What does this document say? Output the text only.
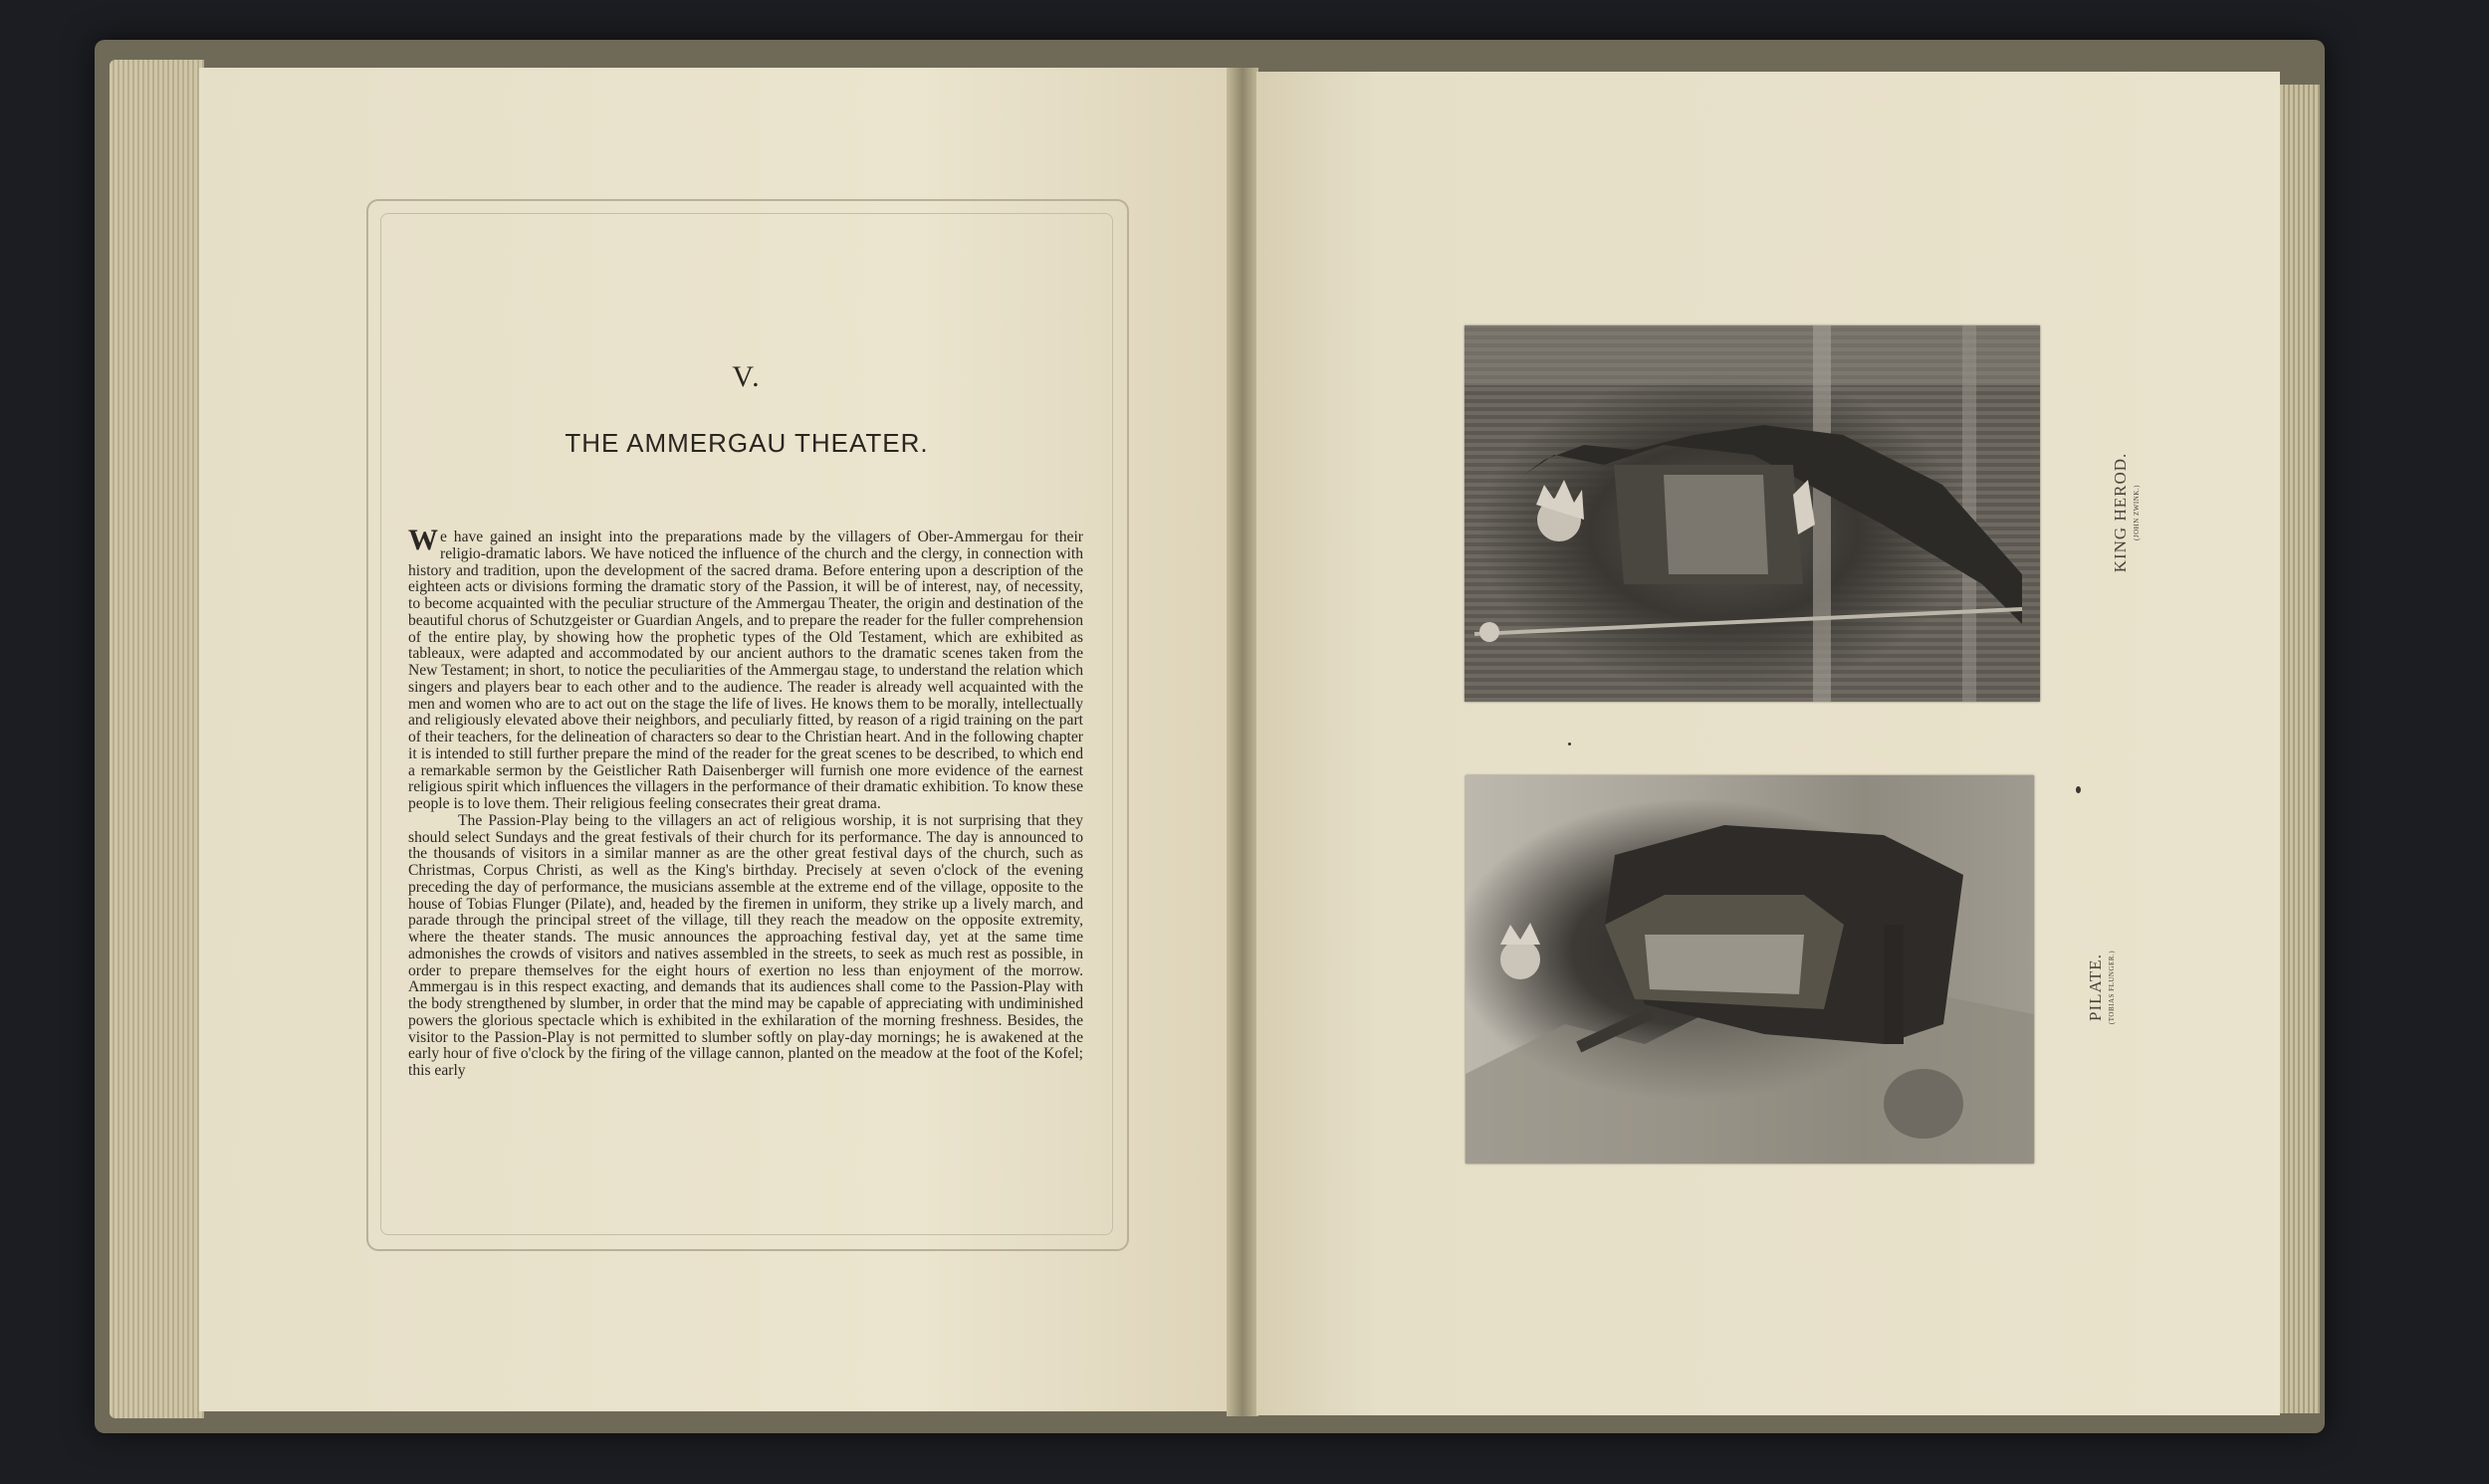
V.
THE AMMERGAU THEATER.

We have gained an insight into the preparations made by the villagers of Ober-Ammergau for their religio-dramatic labors. We have noticed the influence of the church and the clergy, in connection with history and tradition, upon the development of the sacred drama. Before entering upon a description of the eighteen acts or divisions forming the dramatic story of the Passion, it will be of interest, nay, of necessity, to become acquainted with the peculiar structure of the Ammergau Theater, the origin and destination of the beautiful chorus of Schutzgeister or Guardian Angels, and to prepare the reader for the fuller comprehension of the entire play, by showing how the prophetic types of the Old Testament, which are exhibited as tableaux, were adapted and accommodated by our ancient authors to the dramatic scenes taken from the New Testament; in short, to notice the peculiarities of the Ammergau stage, to understand the relation which singers and players bear to each other and to the audience. The reader is already well acquainted with the men and women who are to act out on the stage the life of lives. He knows them to be morally, intellectually and religiously elevated above their neighbors, and peculiarly fitted, by reason of a rigid training on the part of their teachers, for the delineation of characters so dear to the Christian heart. And in the following chapter it is intended to still further prepare the mind of the reader for the great scenes to be described, to which end a remarkable sermon by the Geistlicher Rath Daisenberger will furnish one more evidence of the earnest religious spirit which influences the villagers in the performance of their dramatic exhibition. To know these people is to love them. Their religious feeling consecrates their great drama.

The Passion-Play being to the villagers an act of religious worship, it is not surprising that they should select Sundays and the great festivals of their church for its performance. The day is announced to the thousands of visitors in a similar manner as are the other great festival days of the church, such as Christmas, Corpus Christi, as well as the King's birthday. Precisely at seven o'clock of the evening preceding the day of performance, the musicians assemble at the extreme end of the village, opposite to the house of Tobias Flunger (Pilate), and, headed by the firemen in uniform, they strike up a lively march, and parade through the principal street of the village, till they reach the meadow on the opposite extremity, where the theater stands. The music announces the approaching festival day, yet at the same time admonishes the crowds of visitors and natives assembled in the streets, to seek as much rest as possible, in order to prepare themselves for the eight hours of exertion no less than enjoyment of the morrow. Ammergau is in this respect exacting, and demands that its audiences shall come to the Passion-Play with the body strengthened by slumber, in order that the mind may be capable of appreciating with undiminished powers the glorious spectacle which is exhibited in the exhilaration of the morning freshness. Besides, the visitor to the Passion-Play is not permitted to slumber softly on play-day mornings; he is awakened at the early hour of five o'clock by the firing of the village cannon, planted on the meadow at the foot of the Kofel; this early

KING HEROD. (JOHN ZWINK.)
PILATE. (TOBIAS FLUNGER.)
